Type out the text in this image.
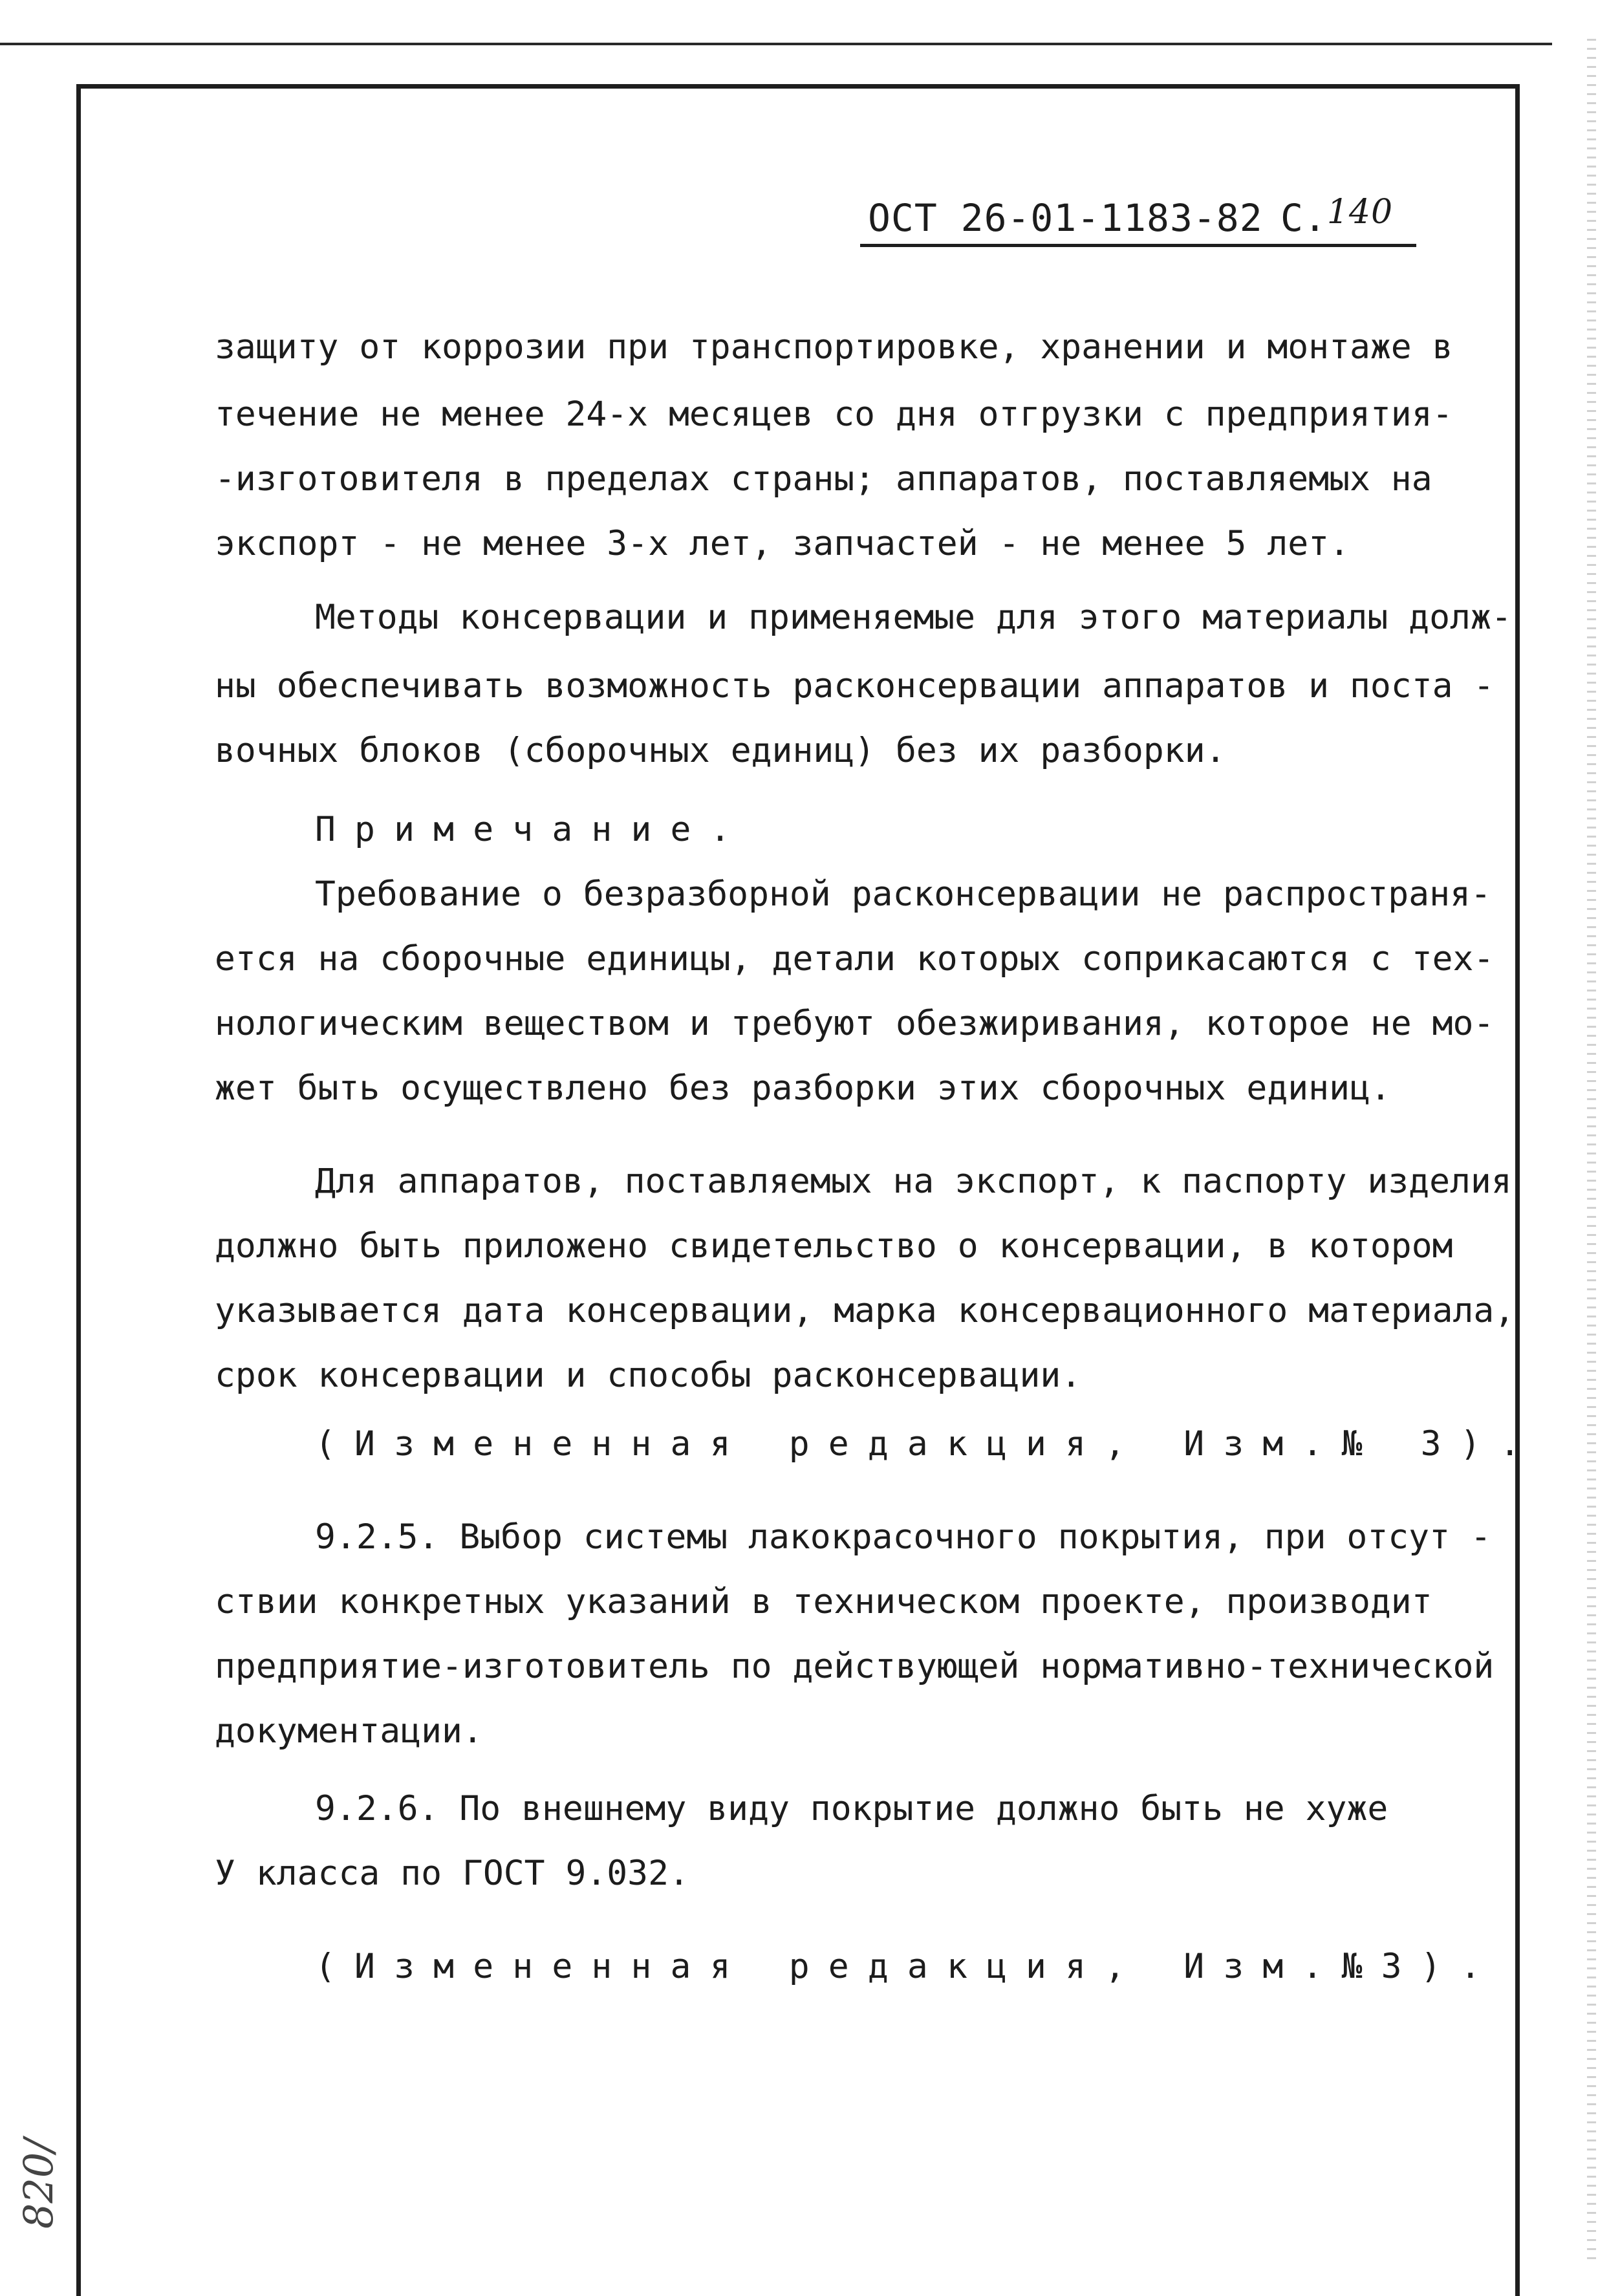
ОСТ 26-01-1183-82 С.140
защиту от коррозии при транспортировке, хранении и монтаже в
течение не менее 24-х месяцев со дня отгрузки с предприятия-
-изготовителя в пределах страны; аппаратов, поставляемых на
экспорт - не менее 3-х лет, запчастей - не менее 5 лет.
Методы консервации и применяемые для этого материалы долж-
ны обеспечивать возможность расконсервации аппаратов и поста -
вочных блоков (сборочных единиц) без их разборки.
Примечание.
Требование о безразборной расконсервации не распространя-
ется на сборочные единицы, детали которых соприкасаются с тех-
нологическим веществом и требуют обезжиривания, которое не мо-
жет быть осуществлено без разборки этих сборочных единиц.
Для аппаратов, поставляемых на экспорт, к паспорту изделия
должно быть приложено свидетельство о консервации, в котором
указывается дата консервации, марка консервационного материала,
срок консервации и способы расконсервации.
(Измененная редакция, Изм.№ 3).
9.2.5. Выбор системы лакокрасочного покрытия, при отсут -
ствии конкретных указаний в техническом проекте, производит
предприятие-изготовитель по действующей нормативно-технической
документации.
9.2.6. По внешнему виду покрытие должно быть не хуже
У класса по ГОСТ 9.032.
(Измененная редакция, Изм.№3).
820/
